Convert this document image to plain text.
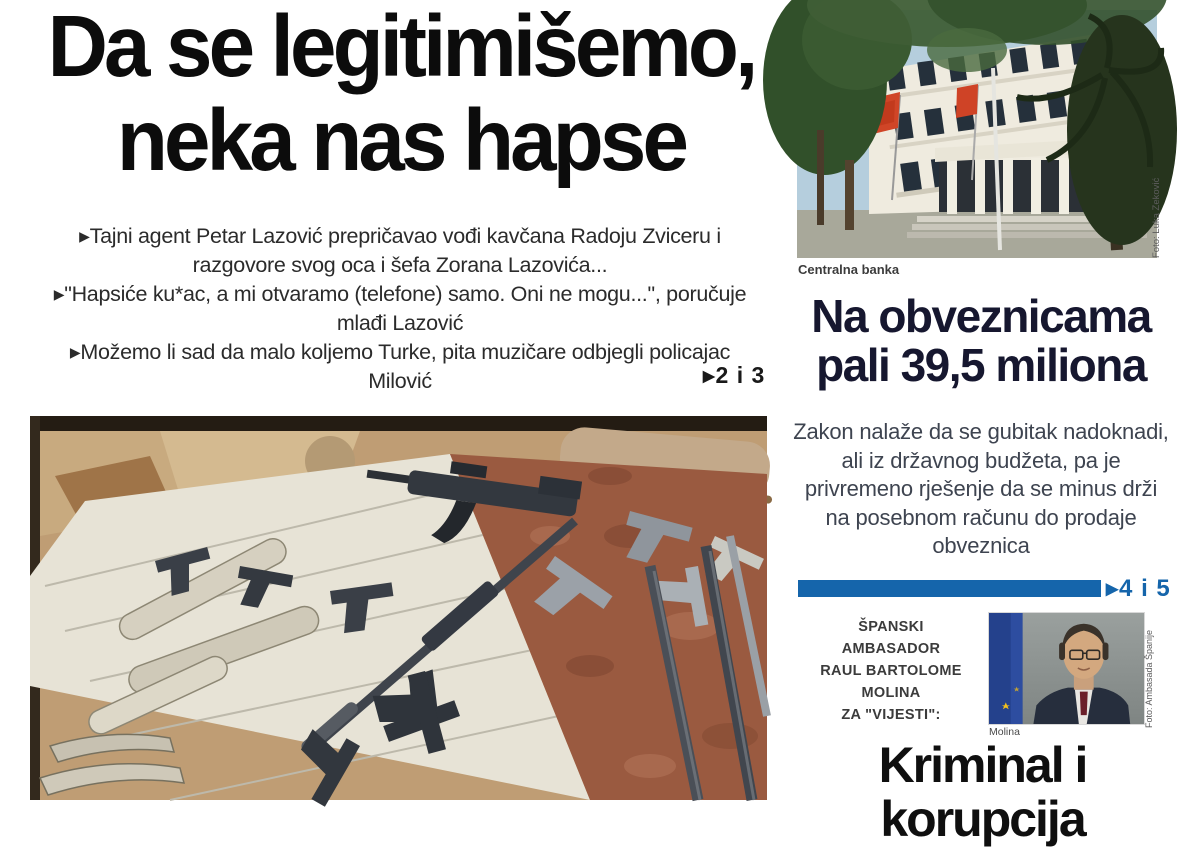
Da se legitimišemo,
neka nas hapse

▸Tajni agent Petar Lazović prepričavao vođi kavčana Radoju Zviceru i razgovore svog oca i šefa Zorana Lazovića...

▸"Hapsiće ku*ac, a mi otvaramo (telefone) samo. Oni ne mogu...", poručuje mlađi Lazović

▸Možemo li sad da malo koljemo Turke, pita muzičare odbjegli policajac Milović	▸2 i 3
Foto: Luka Zeković
Centralna banka
Na obveznicama
pali 39,5 miliona

Zakon nalaže da se gubitak nadoknadi, ali iz državnog budžeta, pa je privremeno rješenje da se minus drži na posebnom računu do prodaje obveznica

▸4 i 5
ŠPANSKI
AMBASADOR
RAUL BARTOLOME
MOLINA
ZA "VIJESTI":
Molina
Foto: Ambasada Španije
Kriminal i
korupcija
